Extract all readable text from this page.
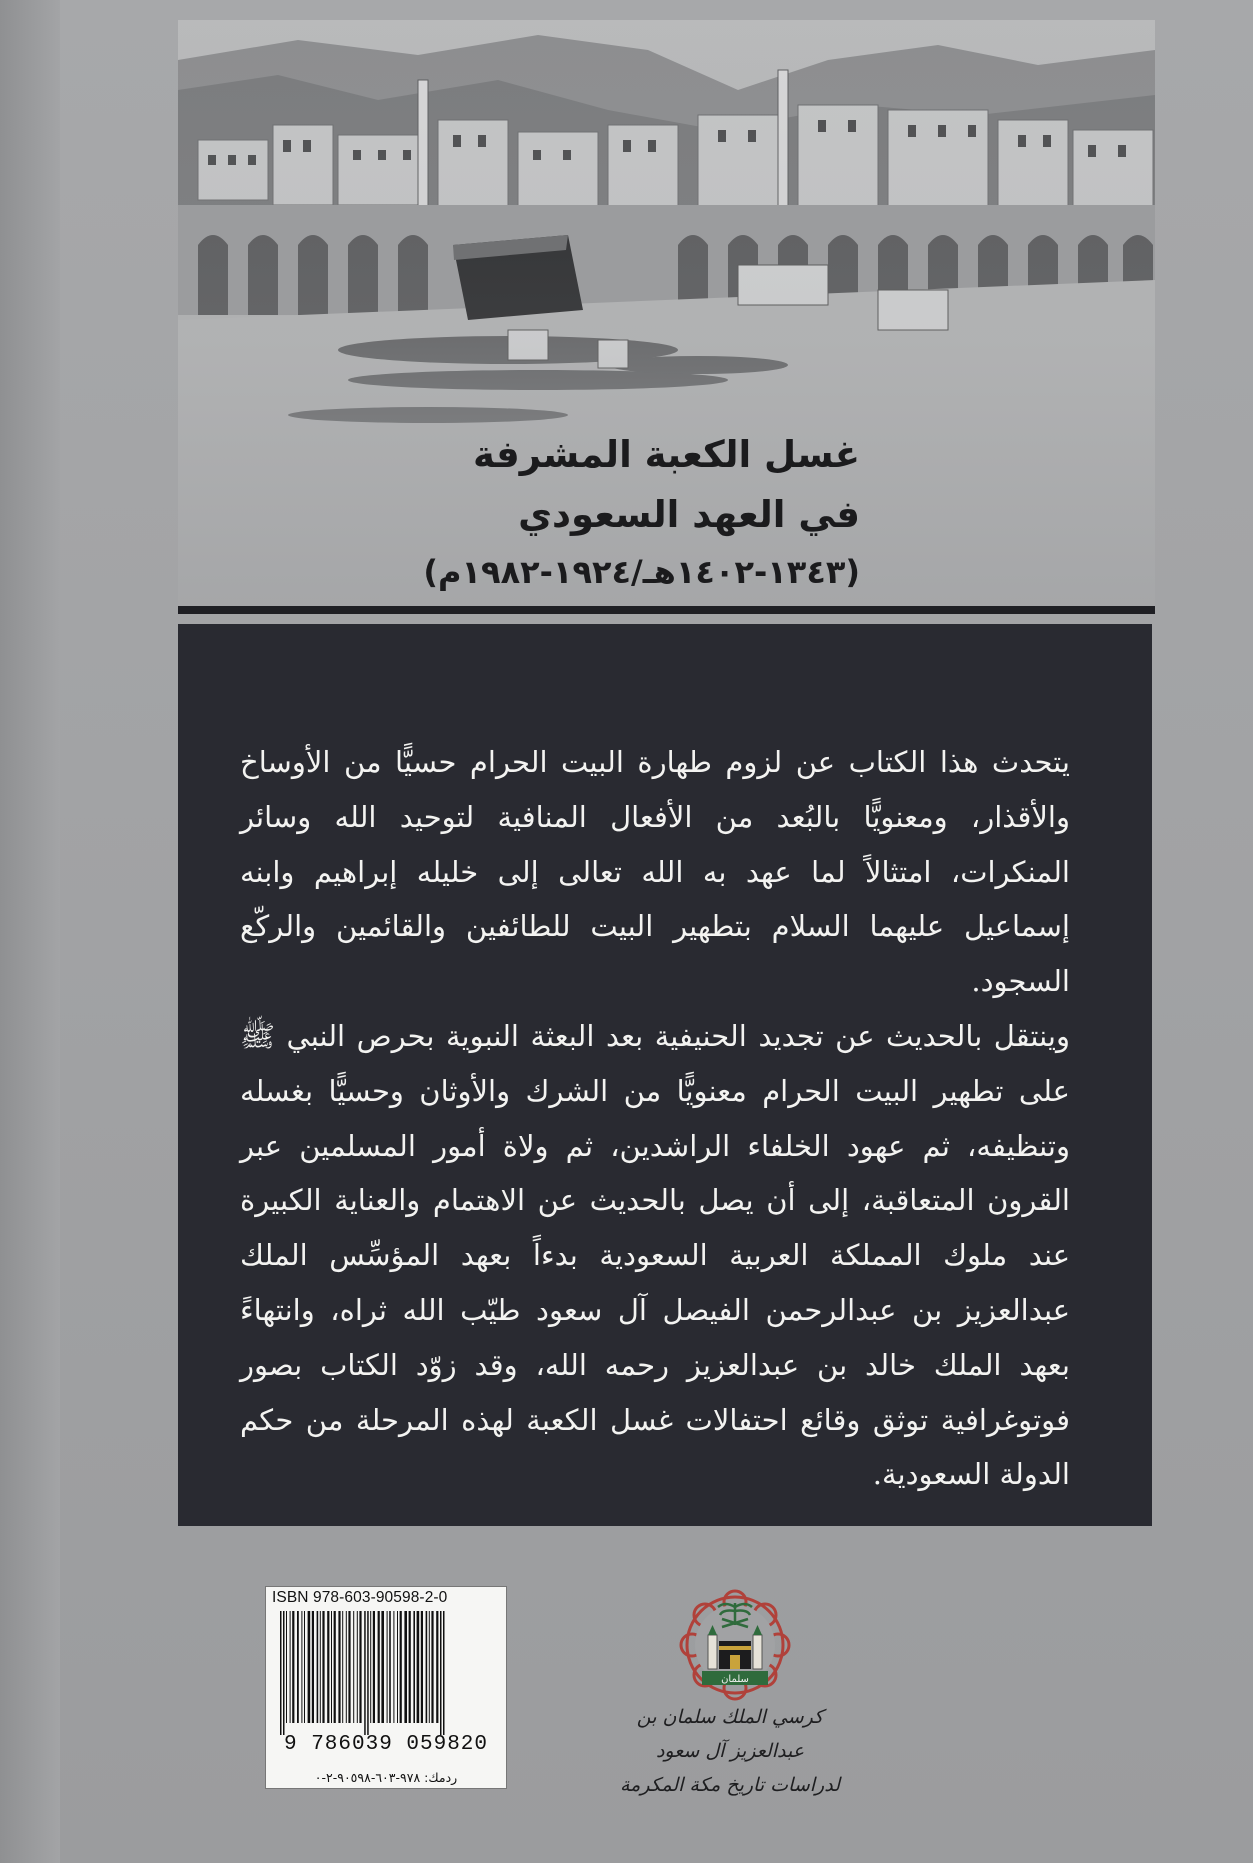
غسل الكعبة المشرفة
في العهد السعودي
(١٣٤٣-١٤٠٢هـ/١٩٢٤-١٩٨٢م)

يتحدث هذا الكتاب عن لزوم طهارة البيت الحرام حسيًّا من الأوساخ والأقذار، ومعنويًّا بالبُعد من الأفعال المنافية لتوحيد الله وسائر المنكرات، امتثالاً لما عهد به الله تعالى إلى خليله إبراهيم وابنه إسماعيل عليهما السلام بتطهير البيت للطائفين والقائمين والركّع السجود.

وينتقل بالحديث عن تجديد الحنيفية بعد البعثة النبوية بحرص النبي ﷺ على تطهير البيت الحرام معنويًّا من الشرك والأوثان وحسيًّا بغسله وتنظيفه، ثم عهود الخلفاء الراشدين، ثم ولاة أمور المسلمين عبر القرون المتعاقبة، إلى أن يصل بالحديث عن الاهتمام والعناية الكبيرة عند ملوك المملكة العربية السعودية بدءاً بعهد المؤسِّس الملك عبدالعزيز بن عبدالرحمن الفيصل آل سعود طيّب الله ثراه، وانتهاءً بعهد الملك خالد بن عبدالعزيز رحمه الله، وقد زوّد الكتاب بصور فوتوغرافية توثق وقائع احتفالات غسل الكعبة لهذه المرحلة من حكم الدولة السعودية.

سلمان
كرسي الملك سلمان بن عبدالعزيز آل سعود
لدراسات تاريخ مكة المكرمة
ISBN 978-603-90598-2-0
9 786039 059820
ردمك: ٩٧٨-٦٠٣-٩٠٥٩٨-٢-٠
